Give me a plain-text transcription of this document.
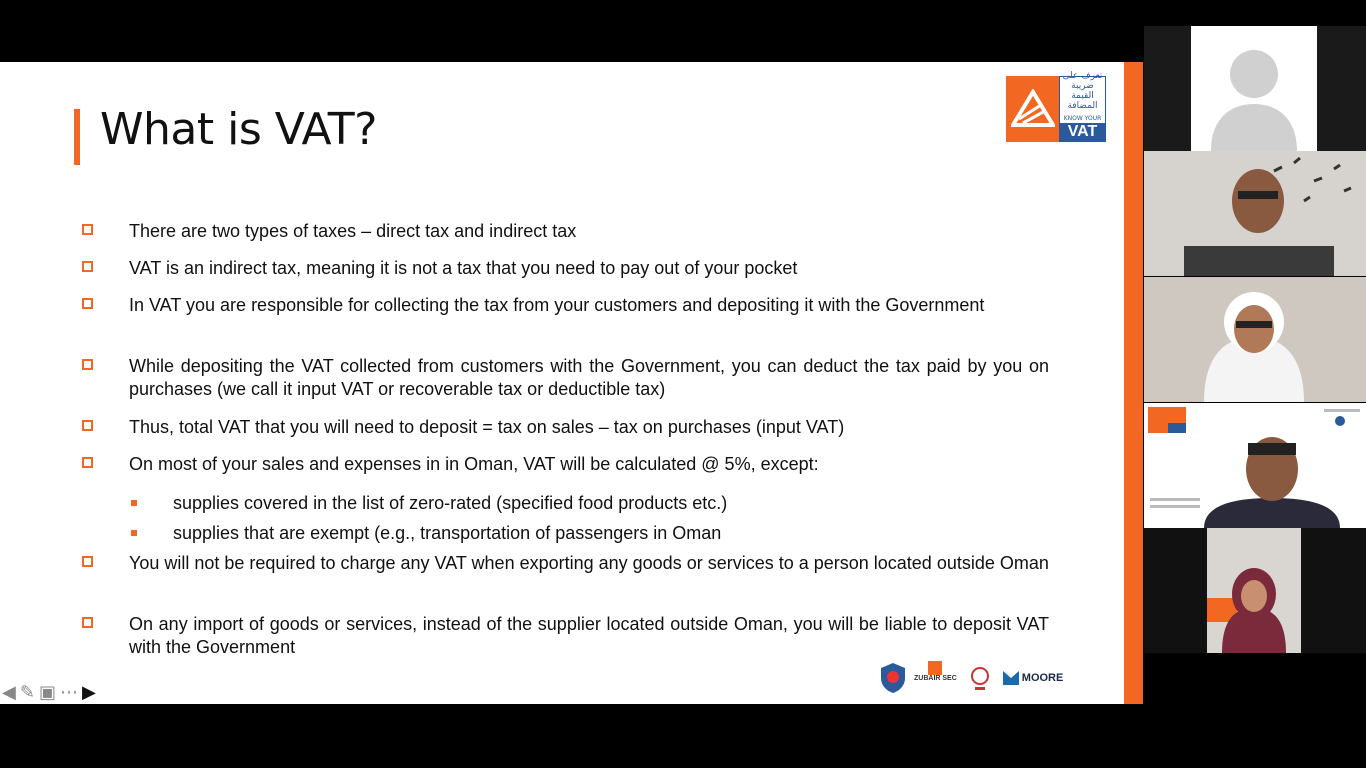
What is VAT?
تعرف على ضريبة القيمة المضافة
KNOW YOUR
VAT
There are two types of taxes – direct tax and indirect tax
VAT is an indirect tax, meaning it is not a tax that you need to pay out of your pocket
In VAT you are responsible for collecting the tax from your customers and depositing it with the Government
While depositing the VAT collected from customers with the Government, you can deduct the tax paid by you on purchases (we call it input VAT or recoverable tax or deductible tax)
Thus, total VAT that you will need to deposit = tax on sales – tax on purchases (input VAT)
On most of your sales and expenses in in Oman, VAT will be calculated @ 5%, except:
supplies covered in the list of zero-rated (specified food products etc.)
supplies that are exempt (e.g., transportation of passengers in Oman
You will not be required to charge any VAT when exporting any goods or services to a person located outside Oman
On any import of goods or services, instead of the supplier located outside Oman, you will be liable to deposit VAT with the Government
ZUBAIR SEC	MOORE
◀ ✎ ▣ ⋯ ▶
